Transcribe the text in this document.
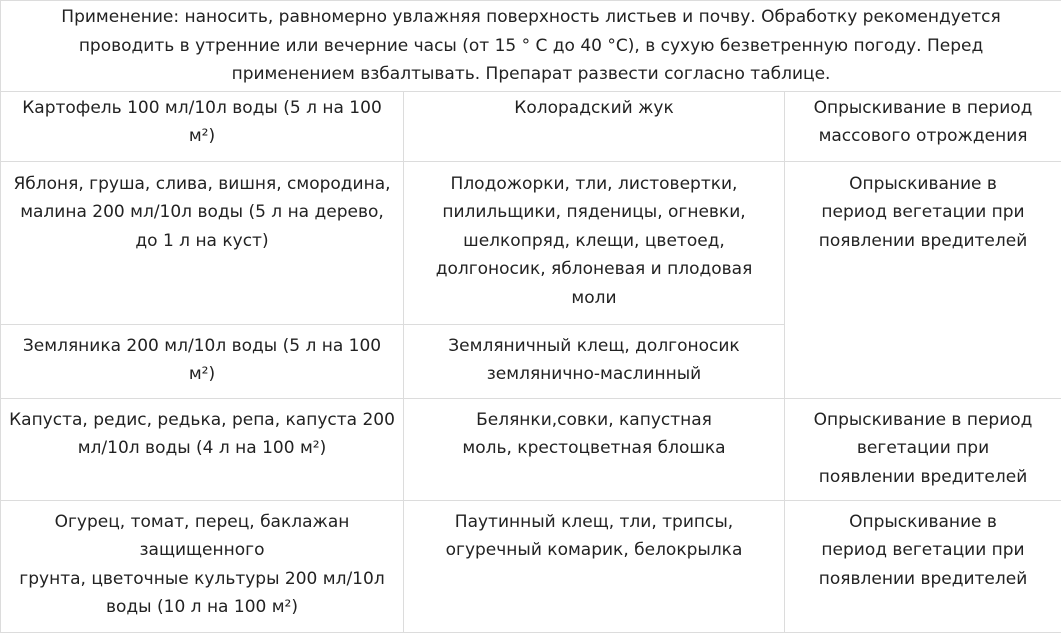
Применение: наносить, равномерно увлажняя поверхность листьев и почву. Обработку рекомендуется
проводить в утренние или вечерние часы (от 15 ° С до 40 °С), в сухую безветренную погоду. Перед
применением взбалтывать. Препарат развести согласно таблице.		

Картофель 100 мл/10л воды (5 л на 100
м²)	Колорадский жук	Опрыскивание в период
массового отрождения

Яблоня, груша, слива, вишня, смородина,
малина 200 мл/10л воды (5 л на дерево,
до 1 л на куст)	Плодожорки, тли, листовертки,
пилильщики, пяденицы, огневки,
шелкопряд, клещи, цветоед,
долгоносик, яблоневая и плодовая
моли	Опрыскивание в
период вегетации при
появлении вредителей

Земляника 200 мл/10л воды (5 л на 100
м²)	Земляничный клещ, долгоносик
землянично-маслинный	

Капуста, редис, редька, репа, капуста 200
мл/10л воды (4 л на 100 м²)	Белянки,совки, капустная
моль, крестоцветная блошка	Опрыскивание в период
вегетации при
появлении вредителей

Огурец, томат, перец, баклажан
защищенного
грунта, цветочные культуры 200 мл/10л
воды (10 л на 100 м²)	Паутинный клещ, тли, трипсы,
огуречный комарик, белокрылка	Опрыскивание в
период вегетации при
появлении вредителей
